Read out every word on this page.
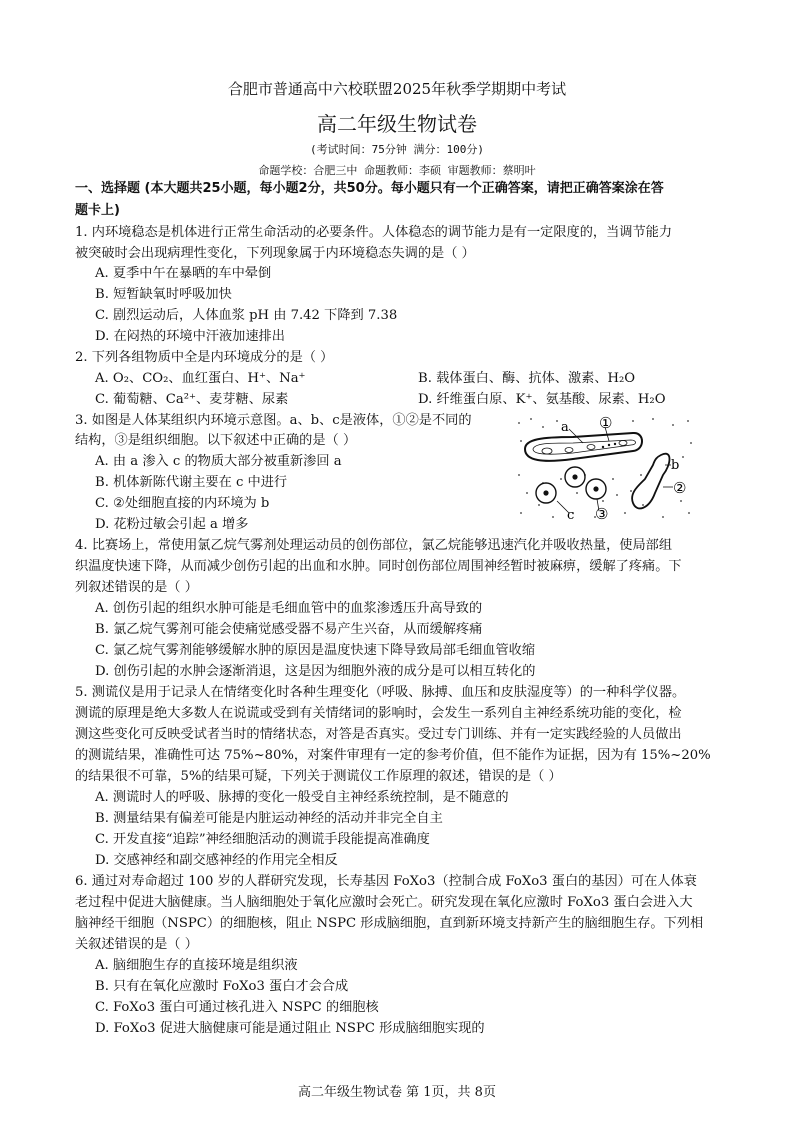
合肥市普通高中六校联盟2025年秋季学期期中考试
高二年级生物试卷
(考试时间：75分钟 满分：100分)
命题学校：合肥三中 命题教师：李硕 审题教师：蔡明叶
一、选择题 (本大题共25小题，每小题2分，共50分。每小题只有一个正确答案，请把正确答案涂在答
题卡上)
1. 内环境稳态是机体进行正常生命活动的必要条件。人体稳态的调节能力是有一定限度的，当调节能力
被突破时会出现病理性变化，下列现象属于内环境稳态失调的是（ ）
A. 夏季中午在暴晒的车中晕倒
B. 短暂缺氧时呼吸加快
C. 剧烈运动后，人体血浆 pH 由 7.42 下降到 7.38
D. 在闷热的环境中汗液加速排出
2. 下列各组物质中全是内环境成分的是（ ）
A. O₂、CO₂、血红蛋白、H⁺、Na⁺	B. 载体蛋白、酶、抗体、激素、H₂O
C. 葡萄糖、Ca²⁺、麦芽糖、尿素	D. 纤维蛋白原、K⁺、氨基酸、尿素、H₂O
3. 如图是人体某组织内环境示意图。a、b、c是液体，①②是不同的
结构，③是组织细胞。以下叙述中正确的是（ ）
A. 由 a 渗入 c 的物质大部分被重新渗回 a
B. 机体新陈代谢主要在 c 中进行
C. ②处细胞直接的内环境为 b
D. 花粉过敏会引起 a 增多
a ①
b
②
c ③
4. 比赛场上，常使用氯乙烷气雾剂处理运动员的创伤部位，氯乙烷能够迅速汽化并吸收热量，使局部组
织温度快速下降，从而减少创伤引起的出血和水肿。同时创伤部位周围神经暂时被麻痹，缓解了疼痛。下
列叙述错误的是（ ）
A. 创伤引起的组织水肿可能是毛细血管中的血浆渗透压升高导致的
B. 氯乙烷气雾剂可能会使痛觉感受器不易产生兴奋，从而缓解疼痛
C. 氯乙烷气雾剂能够缓解水肿的原因是温度快速下降导致局部毛细血管收缩
D. 创伤引起的水肿会逐渐消退，这是因为细胞外液的成分是可以相互转化的
5. 测谎仪是用于记录人在情绪变化时各种生理变化（呼吸、脉搏、血压和皮肤湿度等）的一种科学仪器。
测谎的原理是绝大多数人在说谎或受到有关情绪词的影响时，会发生一系列自主神经系统功能的变化，检
测这些变化可反映受试者当时的情绪状态，对答是否真实。受过专门训练、并有一定实践经验的人员做出
的测谎结果，准确性可达 75%~80%，对案件审理有一定的参考价值，但不能作为证据，因为有 15%~20%
的结果很不可靠，5%的结果可疑，下列关于测谎仪工作原理的叙述，错误的是（ ）
A. 测谎时人的呼吸、脉搏的变化一般受自主神经系统控制，是不随意的
B. 测量结果有偏差可能是内脏运动神经的活动并非完全自主
C. 开发直接“追踪”神经细胞活动的测谎手段能提高准确度
D. 交感神经和副交感神经的作用完全相反
6. 通过对寿命超过 100 岁的人群研究发现，长寿基因 FoXo3（控制合成 FoXo3 蛋白的基因）可在人体衰
老过程中促进大脑健康。当人脑细胞处于氧化应激时会死亡。研究发现在氧化应激时 FoXo3 蛋白会进入大
脑神经干细胞（NSPC）的细胞核，阻止 NSPC 形成脑细胞，直到新环境支持新产生的脑细胞生存。下列相
关叙述错误的是（ ）
A. 脑细胞生存的直接环境是组织液
B. 只有在氧化应激时 FoXo3 蛋白才会合成
C. FoXo3 蛋白可通过核孔进入 NSPC 的细胞核
D. FoXo3 促进大脑健康可能是通过阻止 NSPC 形成脑细胞实现的
高二年级生物试卷 第 1页，共 8页
